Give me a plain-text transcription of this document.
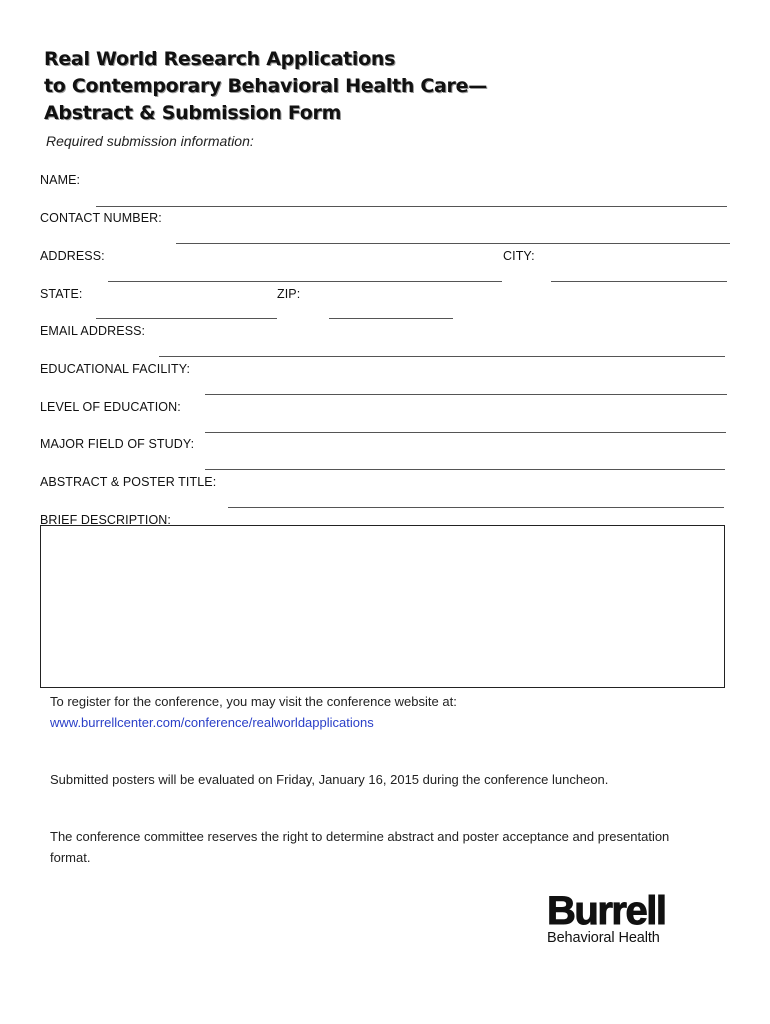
Real World Research Applications
to Contemporary Behavioral Health Care—
Abstract & Submission Form
Required submission information:
NAME:
CONTACT NUMBER:
ADDRESS:	CITY:
STATE:	ZIP:
EMAIL ADDRESS:
EDUCATIONAL FACILITY:
LEVEL OF EDUCATION:
MAJOR FIELD OF STUDY:
ABSTRACT & POSTER TITLE:
BRIEF DESCRIPTION:
To register for the conference, you may visit the conference website at:
www.burrellcenter.com/conference/realworldapplications
Submitted posters will be evaluated on Friday, January 16, 2015 during the conference luncheon.
The conference committee reserves the right to determine abstract and poster acceptance and presentation format.
Burrell
Behavioral Health
